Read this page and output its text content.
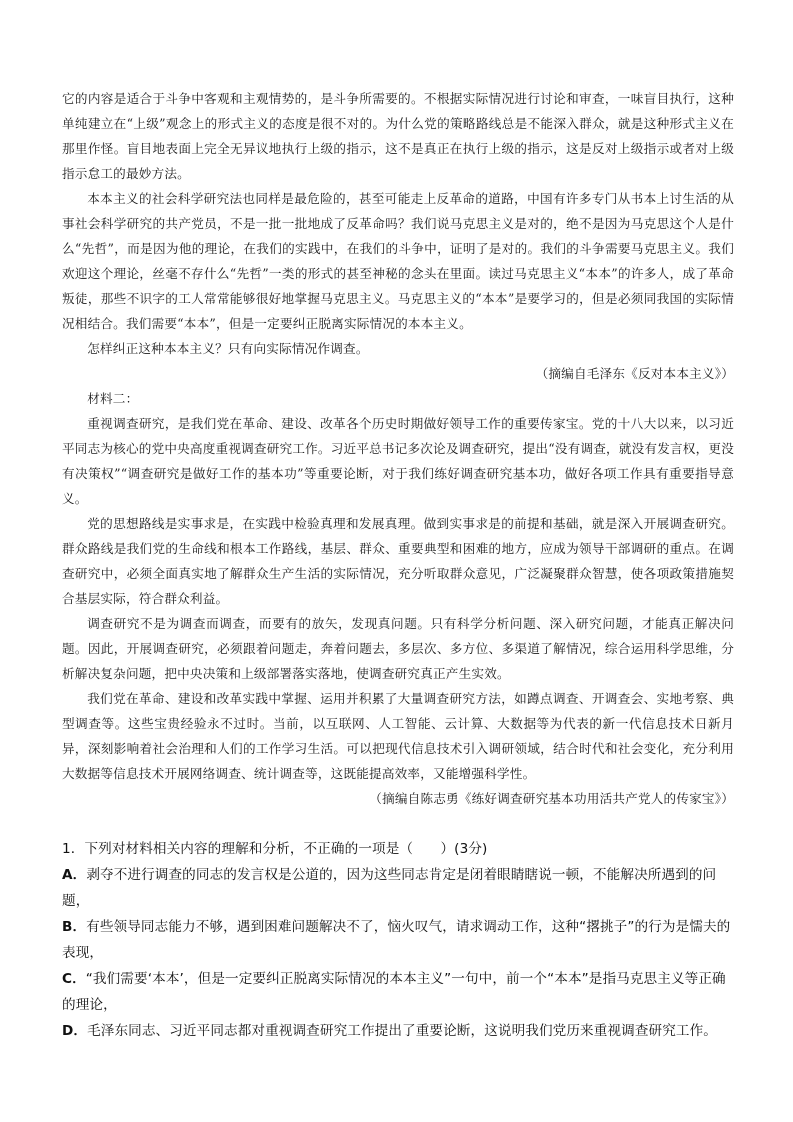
它的内容是适合于斗争中客观和主观情势的，是斗争所需要的。不根据实际情况进行讨论和审查，一味盲目执行，这种单纯建立在“上级”观念上的形式主义的态度是很不对的。为什么党的策略路线总是不能深入群众，就是这种形式主义在那里作怪。盲目地表面上完全无异议地执行上级的指示，这不是真正在执行上级的指示，这是反对上级指示或者对上级指示怠工的最妙方法。

本本主义的社会科学研究法也同样是最危险的，甚至可能走上反革命的道路，中国有许多专门从书本上讨生活的从事社会科学研究的共产党员，不是一批一批地成了反革命吗？我们说马克思主义是对的，绝不是因为马克思这个人是什么“先哲”，而是因为他的理论，在我们的实践中，在我们的斗争中，证明了是对的。我们的斗争需要马克思主义。我们欢迎这个理论，丝毫不存什么“先哲”一类的形式的甚至神秘的念头在里面。读过马克思主义“本本”的许多人，成了革命叛徒，那些不识字的工人常常能够很好地掌握马克思主义。马克思主义的“本本”是要学习的，但是必须同我国的实际情况相结合。我们需要“本本”，但是一定要纠正脱离实际情况的本本主义。

怎样纠正这种本本主义？只有向实际情况作调查。

（摘编自毛泽东《反对本本主义》）

材料二：

重视调查研究，是我们党在革命、建设、改革各个历史时期做好领导工作的重要传家宝。党的十八大以来，以习近平同志为核心的党中央高度重视调查研究工作。习近平总书记多次论及调查研究，提出“没有调查，就没有发言权，更没有决策权”“调查研究是做好工作的基本功”等重要论断，对于我们练好调查研究基本功，做好各项工作具有重要指导意义。

党的思想路线是实事求是，在实践中检验真理和发展真理。做到实事求是的前提和基础，就是深入开展调查研究。群众路线是我们党的生命线和根本工作路线，基层、群众、重要典型和困难的地方，应成为领导干部调研的重点。在调查研究中，必须全面真实地了解群众生产生活的实际情况，充分听取群众意见，广泛凝聚群众智慧，使各项政策措施契合基层实际，符合群众利益。

调查研究不是为调查而调查，而要有的放矢，发现真问题。只有科学分析问题、深入研究问题，才能真正解决问题。因此，开展调查研究，必须跟着问题走，奔着问题去，多层次、多方位、多渠道了解情况，综合运用科学思维，分析解决复杂问题，把中央决策和上级部署落实落地，使调查研究真正产生实效。

我们党在革命、建设和改革实践中掌握、运用并积累了大量调查研究方法，如蹲点调查、开调查会、实地考察、典型调查等。这些宝贵经验永不过时。当前，以互联网、人工智能、云计算、大数据等为代表的新一代信息技术日新月异，深刻影响着社会治理和人们的工作学习生活。可以把现代信息技术引入调研领域，结合时代和社会变化，充分利用大数据等信息技术开展网络调查、统计调查等，这既能提高效率，又能增强科学性。

（摘编自陈志勇《练好调查研究基本功用活共产党人的传家宝》）

1．下列对材料相关内容的理解和分析，不正确的一项是（　　）(3分)

A．剥夺不进行调查的同志的发言权是公道的，因为这些同志肯定是闭着眼睛瞎说一顿，不能解决所遇到的问题，

B．有些领导同志能力不够，遇到困难问题解决不了，恼火叹气，请求调动工作，这种“撂挑子”的行为是懦夫的表现，

C．“我们需要‘本本’，但是一定要纠正脱离实际情况的本本主义”一句中，前一个“本本”是指马克思主义等正确的理论，

D．毛泽东同志、习近平同志都对重视调查研究工作提出了重要论断，这说明我们党历来重视调查研究工作。
